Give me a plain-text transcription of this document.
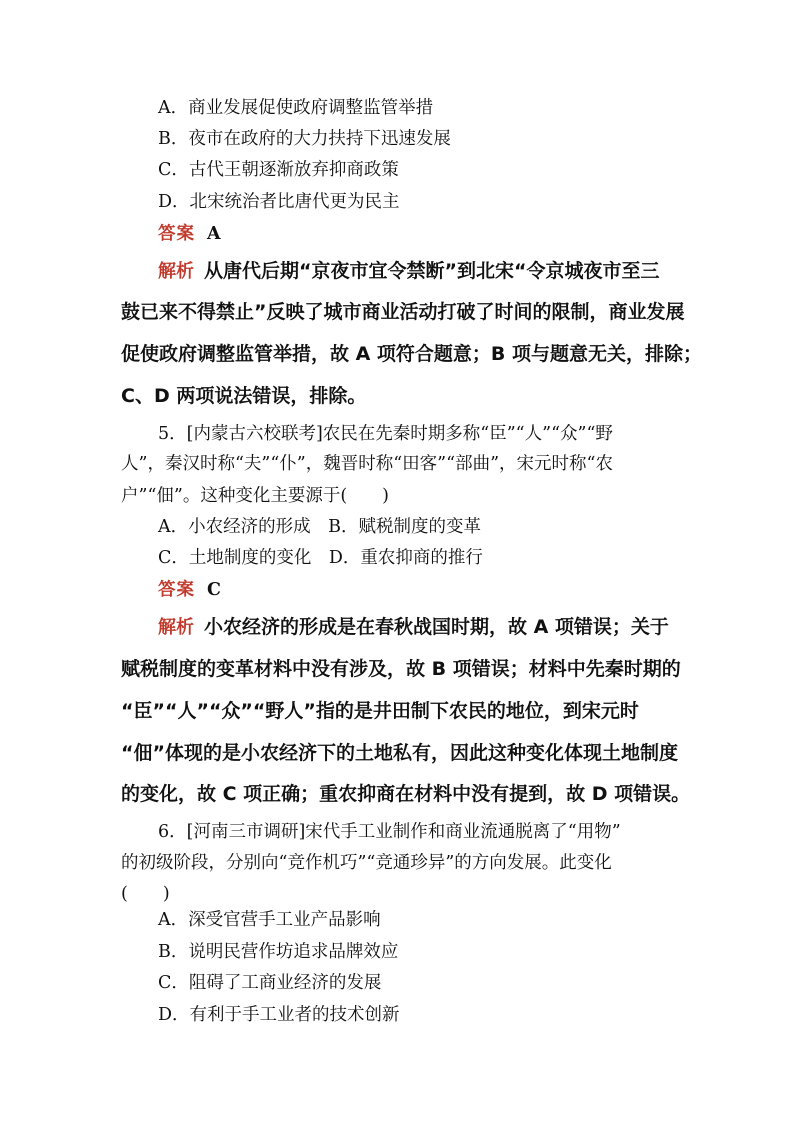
A．商业发展促使政府调整监管举措
B．夜市在政府的大力扶持下迅速发展
C．古代王朝逐渐放弃抑商政策
D．北宋统治者比唐代更为民主
答案 A
解析 从唐代后期“京夜市宜令禁断”到北宋“令京城夜市至三
鼓已来不得禁止”反映了城市商业活动打破了时间的限制，商业发展
促使政府调整监管举措，故 A 项符合题意；B 项与题意无关，排除；
C、D 两项说法错误，排除。
5．[内蒙古六校联考]农民在先秦时期多称“臣”“人”“众”“野
人”，秦汉时称“夫”“仆”，魏晋时称“田客”“部曲”，宋元时称“农
户”“佃”。这种变化主要源于(　　)
A．小农经济的形成　B．赋税制度的变革
C．土地制度的变化　D．重农抑商的推行
答案 C
解析 小农经济的形成是在春秋战国时期，故 A 项错误；关于
赋税制度的变革材料中没有涉及，故 B 项错误；材料中先秦时期的
“臣”“人”“众”“野人”指的是井田制下农民的地位，到宋元时
“佃”体现的是小农经济下的土地私有，因此这种变化体现土地制度
的变化，故 C 项正确；重农抑商在材料中没有提到，故 D 项错误。
6．[河南三市调研]宋代手工业制作和商业流通脱离了“用物”
的初级阶段，分别向“竞作机巧”“竞通珍异”的方向发展。此变化
(　　)
A．深受官营手工业产品影响
B．说明民营作坊追求品牌效应
C．阻碍了工商业经济的发展
D．有利于手工业者的技术创新
